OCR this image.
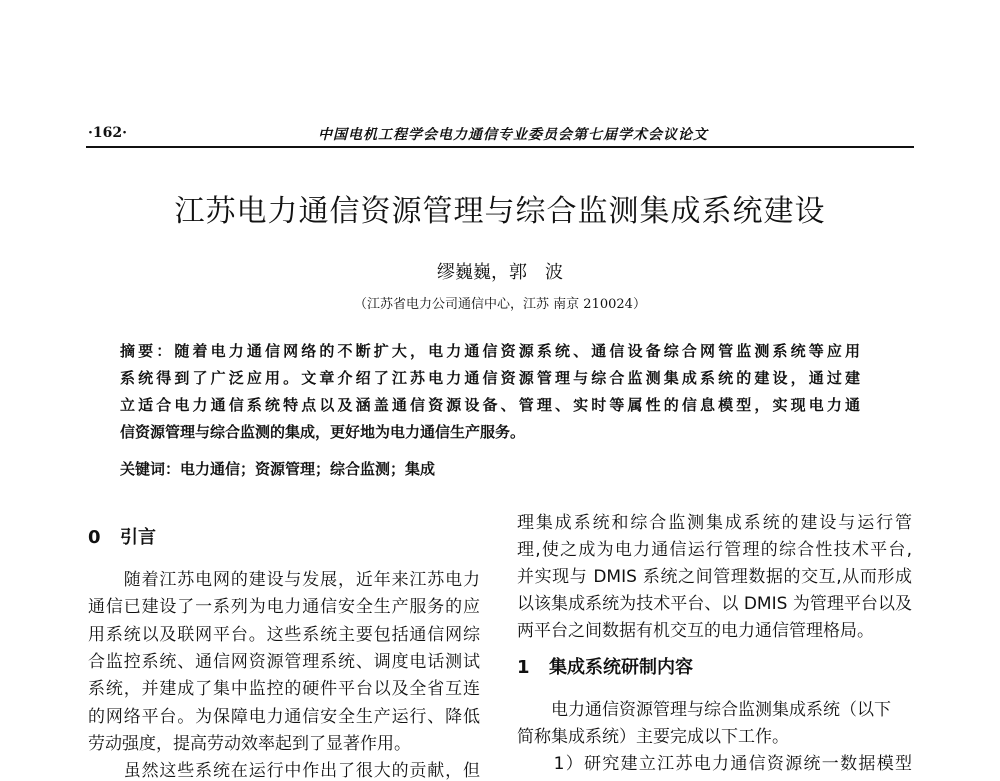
·162·	中国电机工程学会电力通信专业委员会第七届学术会议论文
江苏电力通信资源管理与综合监测集成系统建设
缪巍巍，郭　波
（江苏省电力公司通信中心，江苏 南京 210024）
摘要：随着电力通信网络的不断扩大，电力通信资源系统、通信设备综合网管监测系统等应用
系统得到了广泛应用。文章介绍了江苏电力通信资源管理与综合监测集成系统的建设，通过建
立适合电力通信系统特点以及涵盖通信资源设备、管理、实时等属性的信息模型，实现电力通
信资源管理与综合监测的集成，更好地为电力通信生产服务。
关键词：电力通信；资源管理；综合监测；集成
0 引言
　　随着江苏电网的建设与发展，近年来江苏电力
通信已建设了一系列为电力通信安全生产服务的应
用系统以及联网平台。这些系统主要包括通信网综
合监控系统、通信网资源管理系统、调度电话测试
系统，并建成了集中监控的硬件平台以及全省互连
的网络平台。为保障电力通信安全生产运行、降低
劳动强度，提高劳动效率起到了显著作用。
　　虽然这些系统在运行中作出了很大的贡献，但
理集成系统和综合监测集成系统的建设与运行管
理,使之成为电力通信运行管理的综合性技术平台,
并实现与 DMIS 系统之间管理数据的交互,从而形成
以该集成系统为技术平台、以 DMIS 为管理平台以及
两平台之间数据有机交互的电力通信管理格局。
　　电力通信资源管理与综合监测集成系统（以下
简称集成系统）主要完成以下工作。
　　1）研究建立江苏电力通信资源统一数据模型
1 集成系统研制内容
